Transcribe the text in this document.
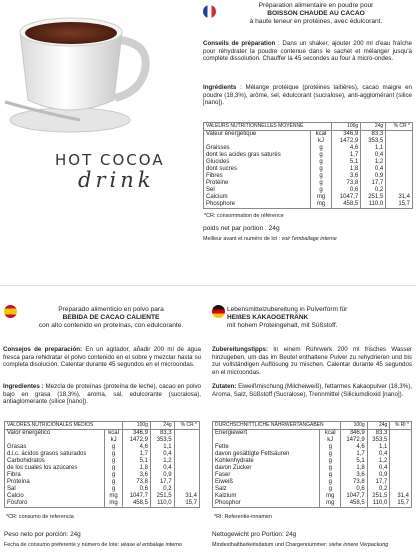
Préparation alimentaire en poudre pour
BOISSON CHAUDE AU CACAO
à haute teneur en protéines, avec édulcorant.
Conseils de préparation : Dans un shaker, ajouter 200 ml d'eau fraîche pour réhydrater la poudre contenue dans le sachet et mélanger jusqu'à complète dissolution. Chauffer la 45 secondes au four à micro-ondes.
Ingrédients : Mélange protéique (protéines laitières), cacao maigre en poudre (18,3%), arôme, sel, édulcorant (sucralose), anti-agglomérant (silice [nano]).
VALEURS NUTRITIONNELLES MOYENNE		100g	24g	% CR *
Valeur énergétique	kcal	346,9	83,3	
	kJ	1472,9	353,5	
Graisses	g	4,6	1,1	
dont les acides gras saturés	g	1,7	0,4	
Glucides	g	5,1	1,2	
dont sucres	g	1,8	0,4	
Fibres	g	3,6	0,9	
Protéine	g	73,8	17,7	
Sel	g	0,6	0,2	
Calcium	mg	1047,7	251,5	31,4
Phosphore	mg	458,5	110,0	15,7
*CR: consommation de référence
poids net par portion : 24g
Meilleur avant et numéro de lot : voir l'emballage interne
HOT COCOA
drink
Preparado alimenticio en polvo para
BEBIDA DE CACAO CALIENTE
con alto contenido en proteínas, con edulcorante.
Consejos de preparación: En un agitador, añadir 200 ml de agua fresca para rehidratar el polvo contenido en el sobre y mezclar hasta su completa disolución. Calentar durante 45 segundos en el microondas.
Ingredientes : Mezcla de proteínas (proteína de leche), cacao en polvo bajo en grasa (18,3%), aroma, sal, edulcorante (sucralosa), antiaglomerante (sílice [nano]).
VALORES NUTRICIONALES MEDIOS		100g	24g	% CR *
Valor energético	kcal	346,9	83,3	
	kJ	1472,9	353,5	
Grasas	g	4,6	1,1	
d.l.c. ácidos grasos saturados	g	1,7	0,4	
Carbohidratos	g	5,1	1,2	
de los cuales los azúcares	g	1,8	0,4	
Fibra	g	3,6	0,9	
Proteína	g	73,8	17,7	
Sal	g	0,6	0,2	
Calcio	mg	1047,7	251,5	31,4
Fósforo	mg	458,5	110,0	15,7
*CR: consumo de referencia
Peso neto por porción: 24g
Fecha de consumo preferente y número de lote: véase el embalaje interno
Lebensmittelzubereitung in Pulverform für
HEIßES KAKAOGETRÄNK
mit hohem Proteingehalt, mit Süßstoff.
Zubereitungstipps: In einem Rührwerk 200 ml frisches Wasser hinzugeben, um das im Beutel enthaltene Pulver zu rehydrieren und bis zur vollständigen Auflösung zu mischen. Calentar durante 45 segundos en el microondas.
Zutaten: Eiweißmischung (Milcheiweiß), fettarmes Kakaopulver (18,3%), Aroma, Salz, Süßstoff (Sucralose), Trennmittel (Siliciumdioxid [nano]).
DURCHSCHNITTLICHE NÄHRWERTANGABEN		100g	24g	% RI *
Energiewert	kcal	346,9	83,3	
	kJ	1472,9	353,5	
Fette	g	4,6	1,1	
davon gesättigte Fettsäuren	g	1,7	0,4	
Kohlenhydrate	g	5,1	1,2	
davon Zucker	g	1,8	0,4	
Faser	g	3,6	0,9	
Eiweiß	g	73,8	17,7	
Salz	g	0,6	0,2	
Kalzium	mg	1047,7	251,5	31,4
Phosphor	mg	458,5	110,0	15,7
*RI: Referentie-innamen
Nettogewicht pro Portion: 24g
Mindesthaltbarkeitsdatum und Chargennummer: siehe innere Verpackung
